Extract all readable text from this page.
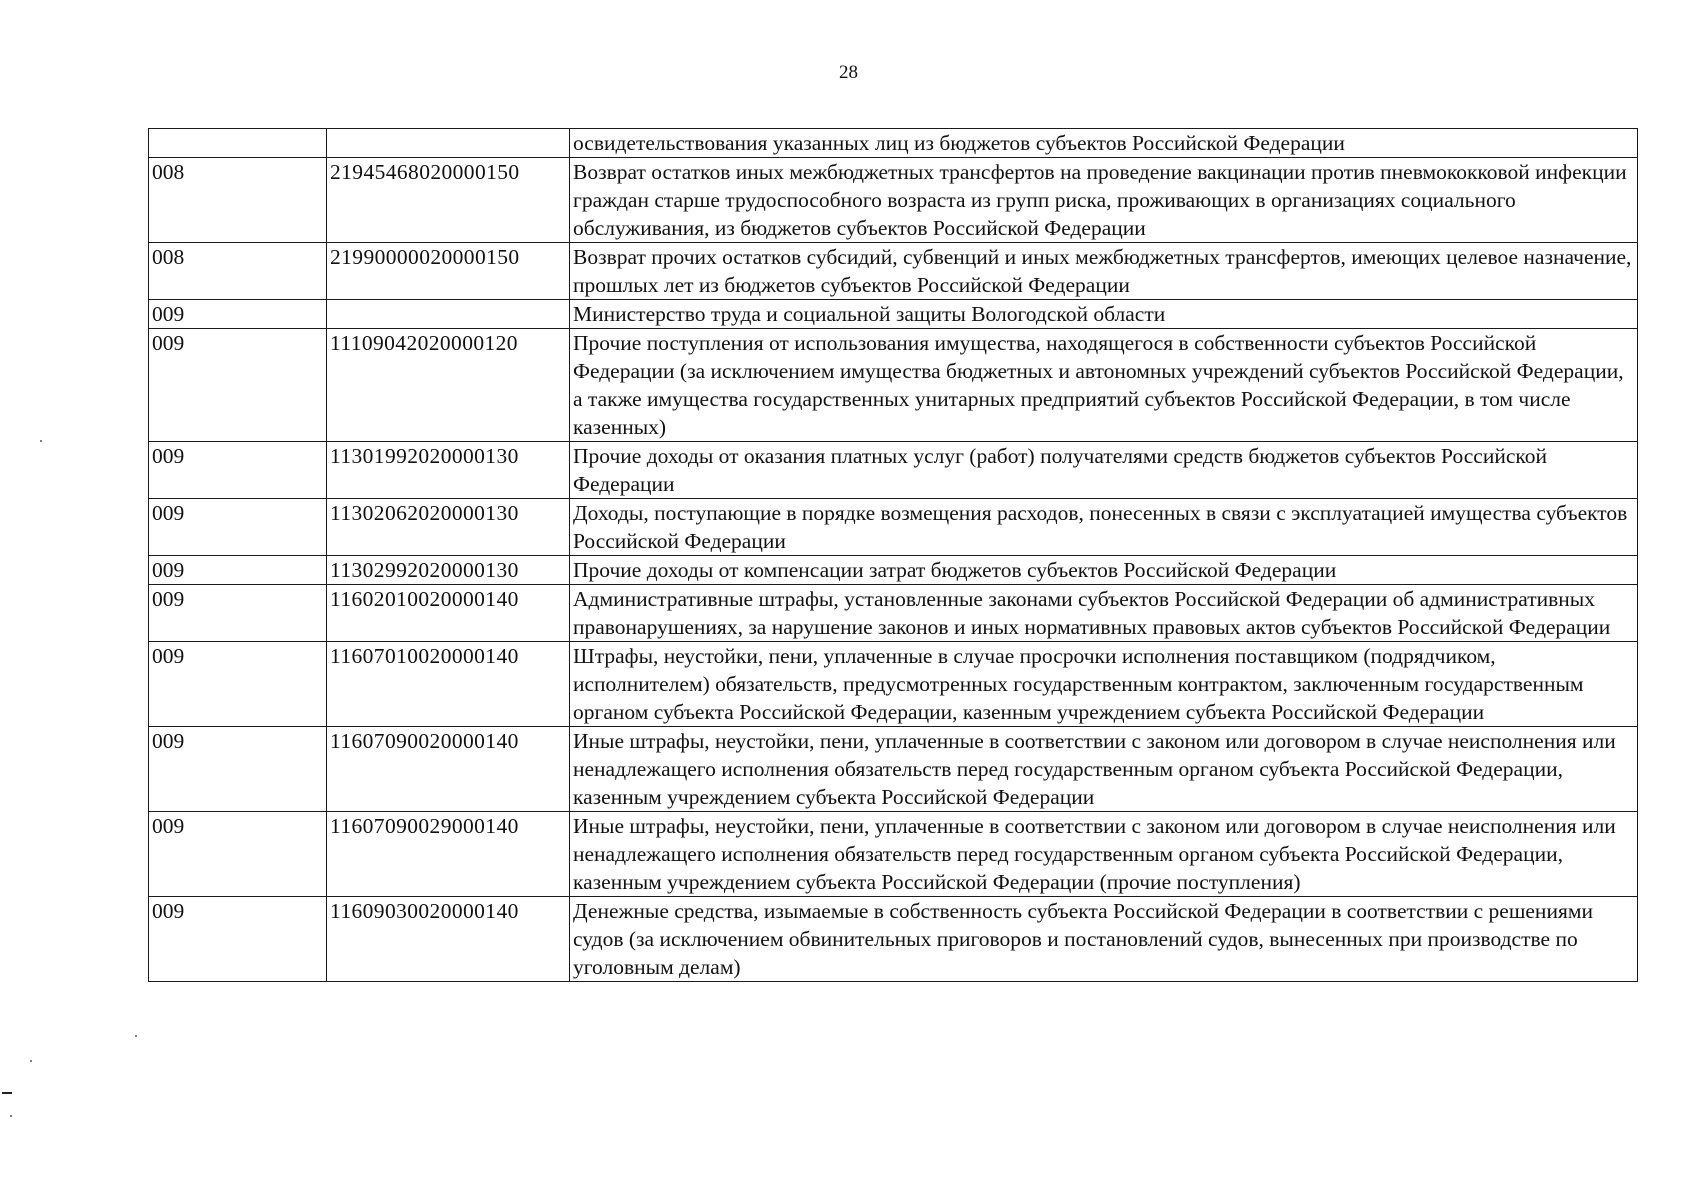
28
		освидетельствования указанных лиц из бюджетов субъектов Российской Федерации
008	21945468020000150	Возврат остатков иных межбюджетных трансфертов на проведение вакцинации против пневмококковой инфекции граждан старше трудоспособного возраста из групп риска, проживающих в организациях социального обслуживания, из бюджетов субъектов Российской Федерации
008	21990000020000150	Возврат прочих остатков субсидий, субвенций и иных межбюджетных трансфертов, имеющих целевое назначение, прошлых лет из бюджетов субъектов Российской Федерации
009		Министерство труда и социальной защиты Вологодской области
009	11109042020000120	Прочие поступления от использования имущества, находящегося в собственности субъектов Российской Федерации (за исключением имущества бюджетных и автономных учреждений субъектов Российской Федерации, а также имущества государственных унитарных предприятий субъектов Российской Федерации, в том числе казенных)
009	11301992020000130	Прочие доходы от оказания платных услуг (работ) получателями средств бюджетов субъектов Российской Федерации
009	11302062020000130	Доходы, поступающие в порядке возмещения расходов, понесенных в связи с эксплуатацией имущества субъектов Российской Федерации
009	11302992020000130	Прочие доходы от компенсации затрат бюджетов субъектов Российской Федерации
009	11602010020000140	Административные штрафы, установленные законами субъектов Российской Федерации об административных правонарушениях, за нарушение законов и иных нормативных правовых актов субъектов Российской Федерации
009	11607010020000140	Штрафы, неустойки, пени, уплаченные в случае просрочки исполнения поставщиком (подрядчиком, исполнителем) обязательств, предусмотренных государственным контрактом, заключенным государственным органом субъекта Российской Федерации, казенным учреждением субъекта Российской Федерации
009	11607090020000140	Иные штрафы, неустойки, пени, уплаченные в соответствии с законом или договором в случае неисполнения или ненадлежащего исполнения обязательств перед государственным органом субъекта Российской Федерации, казенным учреждением субъекта Российской Федерации
009	11607090029000140	Иные штрафы, неустойки, пени, уплаченные в соответствии с законом или договором в случае неисполнения или ненадлежащего исполнения обязательств перед государственным органом субъекта Российской Федерации, казенным учреждением субъекта Российской Федерации (прочие поступления)
009	11609030020000140	Денежные средства, изымаемые в собственность субъекта Российской Федерации в соответствии с решениями судов (за исключением обвинительных приговоров и постановлений судов, вынесенных при производстве по уголовным делам)
